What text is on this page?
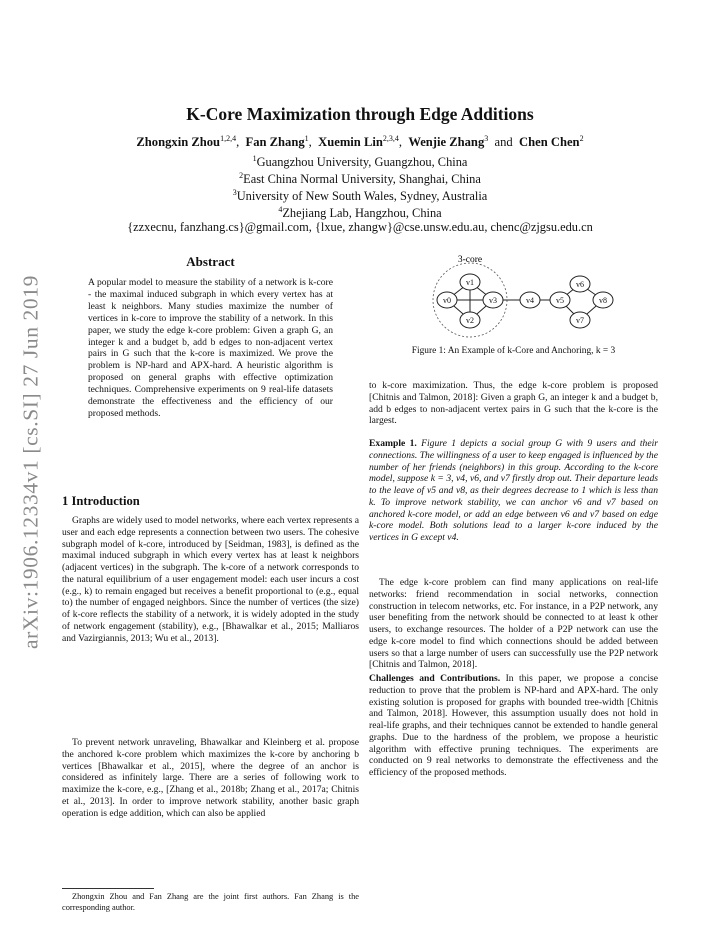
arXiv:1906.12334v1 [cs.SI] 27 Jun 2019
K-Core Maximization through Edge Additions
Zhongxin Zhou$^{1,2,4}$,  Fan Zhang$^1$,  Xuemin Lin$^{2,3,4}$,  Wenjie Zhang$^3$ and Chen Chen$^2$
$^1$Guangzhou University, Guangzhou, China
$^2$East China Normal University, Shanghai, China
$^3$University of New South Wales, Sydney, Australia
$^4$Zhejiang Lab, Hangzhou, China
{zzxecnu, fanzhang.cs}@gmail.com, {lxue, zhangw}@cse.unsw.edu.au, chenc@zjgsu.edu.cn
Abstract
A popular model to measure the stability of a network is k-core - the maximal induced subgraph in which every vertex has at least k neighbors. Many studies maximize the number of vertices in k-core to improve the stability of a network. In this paper, we study the edge k-core problem: Given a graph G, an integer k and a budget b, add b edges to non-adjacent vertex pairs in G such that the k-core is maximized. We prove the problem is NP-hard and APX-hard. A heuristic algorithm is proposed on general graphs with effective optimization techniques. Comprehensive experiments on 9 real-life datasets demonstrate the effectiveness and the efficiency of our proposed methods.
1 Introduction
Graphs are widely used to model networks, where each vertex represents a user and each edge represents a connection between two users. The cohesive subgraph model of k-core, introduced by [Seidman, 1983], is defined as the maximal induced subgraph in which every vertex has at least k neighbors (adjacent vertices) in the subgraph. The k-core of a network corresponds to the natural equilibrium of a user engagement model: each user incurs a cost (e.g., k) to remain engaged but receives a benefit proportional to (e.g., equal to) the number of engaged neighbors. Since the number of vertices (the size) of k-core reflects the stability of a network, it is widely adopted in the study of network engagement (stability), e.g., [Bhawalkar et al., 2015; Malliaros and Vazirgiannis, 2013; Wu et al., 2013].
To prevent network unraveling, Bhawalkar and Kleinberg et al. propose the anchored k-core problem which maximizes the k-core by anchoring b vertices [Bhawalkar et al., 2015], where the degree of an anchor is considered as infinitely large. There are a series of following work to maximize the k-core, e.g., [Zhang et al., 2018b; Zhang et al., 2017a; Chitnis et al., 2013]. In order to improve network stability, another basic graph operation is edge addition, which can also be applied
Zhongxin Zhou and Fan Zhang are the joint first authors. Fan Zhang is the corresponding author.
3-core
v0
v1
v2
v3	v4	v5
v6
v7
v8
Figure 1: An Example of k-Core and Anchoring, k = 3
to k-core maximization. Thus, the edge k-core problem is proposed [Chitnis and Talmon, 2018]: Given a graph G, an integer k and a budget b, add b edges to non-adjacent vertex pairs in G such that the k-core is the largest.
Example 1. Figure 1 depicts a social group G with 9 users and their connections. The willingness of a user to keep engaged is influenced by the number of her friends (neighbors) in this group. According to the k-core model, suppose k = 3, v4, v6, and v7 firstly drop out. Their departure leads to the leave of v5 and v8, as their degrees decrease to 1 which is less than k. To improve network stability, we can anchor v6 and v7 based on anchored k-core model, or add an edge between v6 and v7 based on edge k-core model. Both solutions lead to a larger k-core induced by the vertices in G except v4.
The edge k-core problem can find many applications on real-life networks: friend recommendation in social networks, connection construction in telecom networks, etc. For instance, in a P2P network, any user benefiting from the network should be connected to at least k other users, to exchange resources. The holder of a P2P network can use the edge k-core model to find which connections should be added between users so that a large number of users can successfully use the P2P network [Chitnis and Talmon, 2018].
Challenges and Contributions. In this paper, we propose a concise reduction to prove that the problem is NP-hard and APX-hard. The only existing solution is proposed for graphs with bounded tree-width [Chitnis and Talmon, 2018]. However, this assumption usually does not hold in real-life graphs, and their techniques cannot be extended to handle general graphs. Due to the hardness of the problem, we propose a heuristic algorithm with effective pruning techniques. The experiments are conducted on 9 real networks to demonstrate the effectiveness and the efficiency of the proposed methods.
